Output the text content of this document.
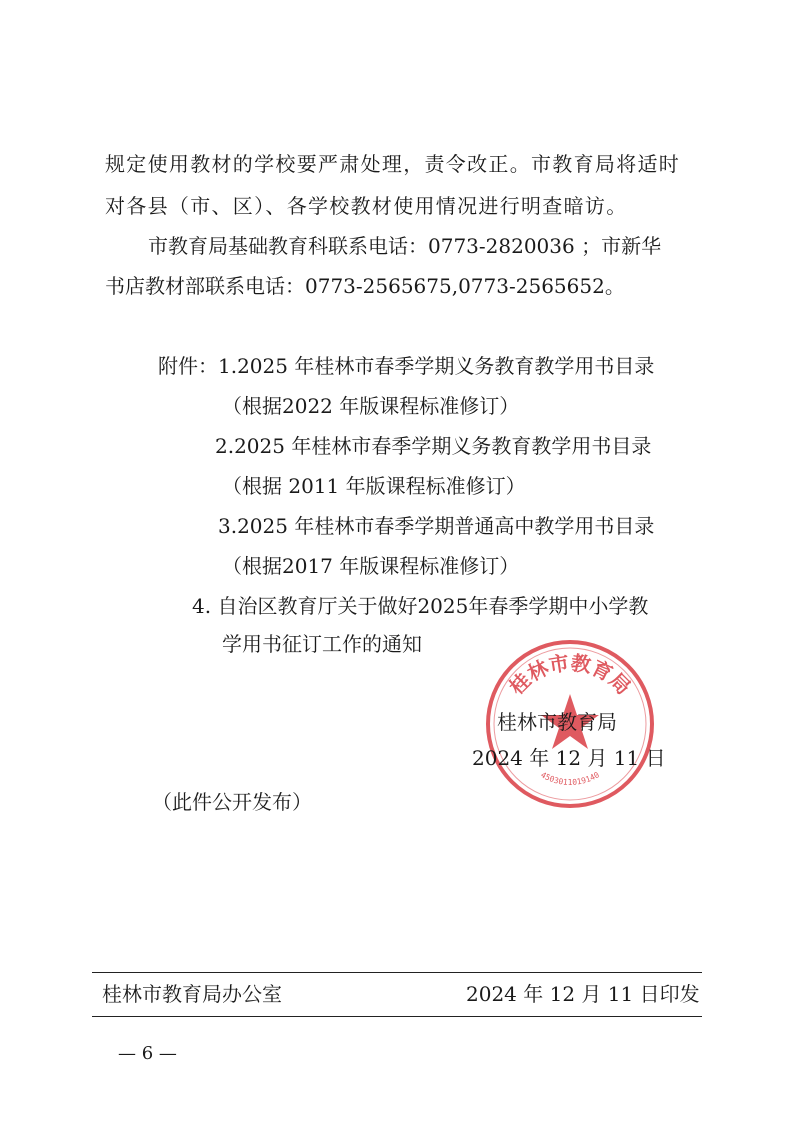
规定使用教材的学校要严肃处理，责令改正。市教育局将适时
对各县（市、区）、各学校教材使用情况进行明查暗访。
市教育局基础教育科联系电话：0773-2820036 ；市新华
书店教材部联系电话：0773-2565675,0773-2565652。
附件：1.2025 年桂林市春季学期义务教育教学用书目录
（根据2022 年版课程标准修订）
2.2025 年桂林市春季学期义务教育教学用书目录
（根据 2011 年版课程标准修订）
3.2025 年桂林市春季学期普通高中教学用书目录
（根据2017 年版课程标准修订）
4. 自治区教育厅关于做好2025年春季学期中小学教
学用书征订工作的通知
桂林市教育局
4503011019140
桂林市教育局
2024 年 12 月 11 日
（此件公开发布）
桂林市教育局办公室	2024 年 12 月 11 日印发
— 6 —
